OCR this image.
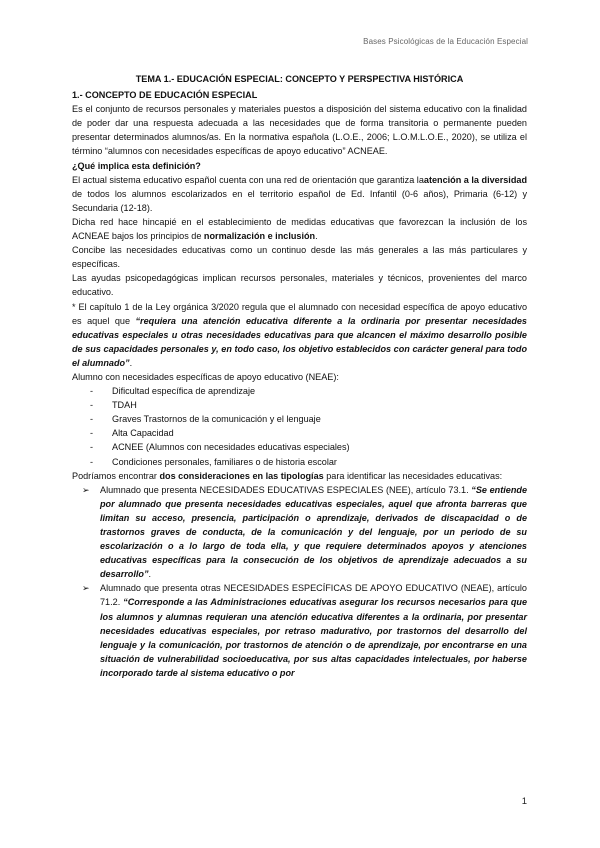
Bases Psicológicas de la Educación Especial
TEMA 1.- EDUCACIÓN ESPECIAL: CONCEPTO Y PERSPECTIVA HISTÓRICA
1.- CONCEPTO DE EDUCACIÓN ESPECIAL

Es el conjunto de recursos personales y materiales puestos a disposición del sistema educativo con la finalidad de poder dar una respuesta adecuada a las necesidades que de forma transitoria o permanente pueden presentar determinados alumnos/as. En la normativa española (L.O.E., 2006; L.O.M.L.O.E., 2020), se utiliza el término “alumnos con necesidades específicas de apoyo educativo” ACNEAE.

¿Qué implica esta definición?

El actual sistema educativo español cuenta con una red de orientación que garantiza laatención a la diversidad de todos los alumnos escolarizados en el territorio español de Ed. Infantil (0-6 años), Primaria (6-12) y Secundaria (12-18).

Dicha red hace hincapié en el establecimiento de medidas educativas que favorezcan la inclusión de los ACNEAE bajos los principios de normalización e inclusión.

Concibe las necesidades educativas como un continuo desde las más generales a las más particulares y específicas.

Las ayudas psicopedagógicas implican recursos personales, materiales y técnicos, provenientes del marco educativo.

* El capítulo 1 de la Ley orgánica 3/2020 regula que el alumnado con necesidad específica de apoyo educativo es aquel que “requiera una atención educativa diferente a la ordinaria por presentar necesidades educativas especiales u otras necesidades educativas para que alcancen el máximo desarrollo posible de sus capacidades personales y, en todo caso, los objetivo establecidos con carácter general para todo el alumnado”.

Alumno con necesidades específicas de apoyo educativo (NEAE):

- Dificultad específica de aprendizaje
- TDAH
- Graves Trastornos de la comunicación y el lenguaje
- Alta Capacidad
- ACNEE (Alumnos con necesidades educativas especiales)
- Condiciones personales, familiares o de historia escolar

Podríamos encontrar dos consideraciones en las tipologías para identificar las necesidades educativas:

➢ Alumnado que presenta NECESIDADES EDUCATIVAS ESPECIALES (NEE), artículo 73.1. “Se entiende por alumnado que presenta necesidades educativas especiales, aquel que afronta barreras que limitan su acceso, presencia, participación o aprendizaje, derivados de discapacidad o de trastornos graves de conducta, de la comunicación y del lenguaje, por un periodo de su escolarización o a lo largo de toda ella, y que requiere determinados apoyos y atenciones educativas específicas para la consecución de los objetivos de aprendizaje adecuados a su desarrollo”.
➢ Alumnado que presenta otras NECESIDADES ESPECÍFICAS DE APOYO EDUCATIVO (NEAE), artículo 71.2. “Corresponde a las Administraciones educativas asegurar los recursos necesarios para que los alumnos y alumnas requieran una atención educativa diferentes a la ordinaria, por presentar necesidades educativas especiales, por retraso madurativo, por trastornos del desarrollo del lenguaje y la comunicación, por trastornos de atención o de aprendizaje, por encontrarse en una situación de vulnerabilidad socioeducativa, por sus altas capacidades intelectuales, por haberse incorporado tarde al sistema educativo o por
1
